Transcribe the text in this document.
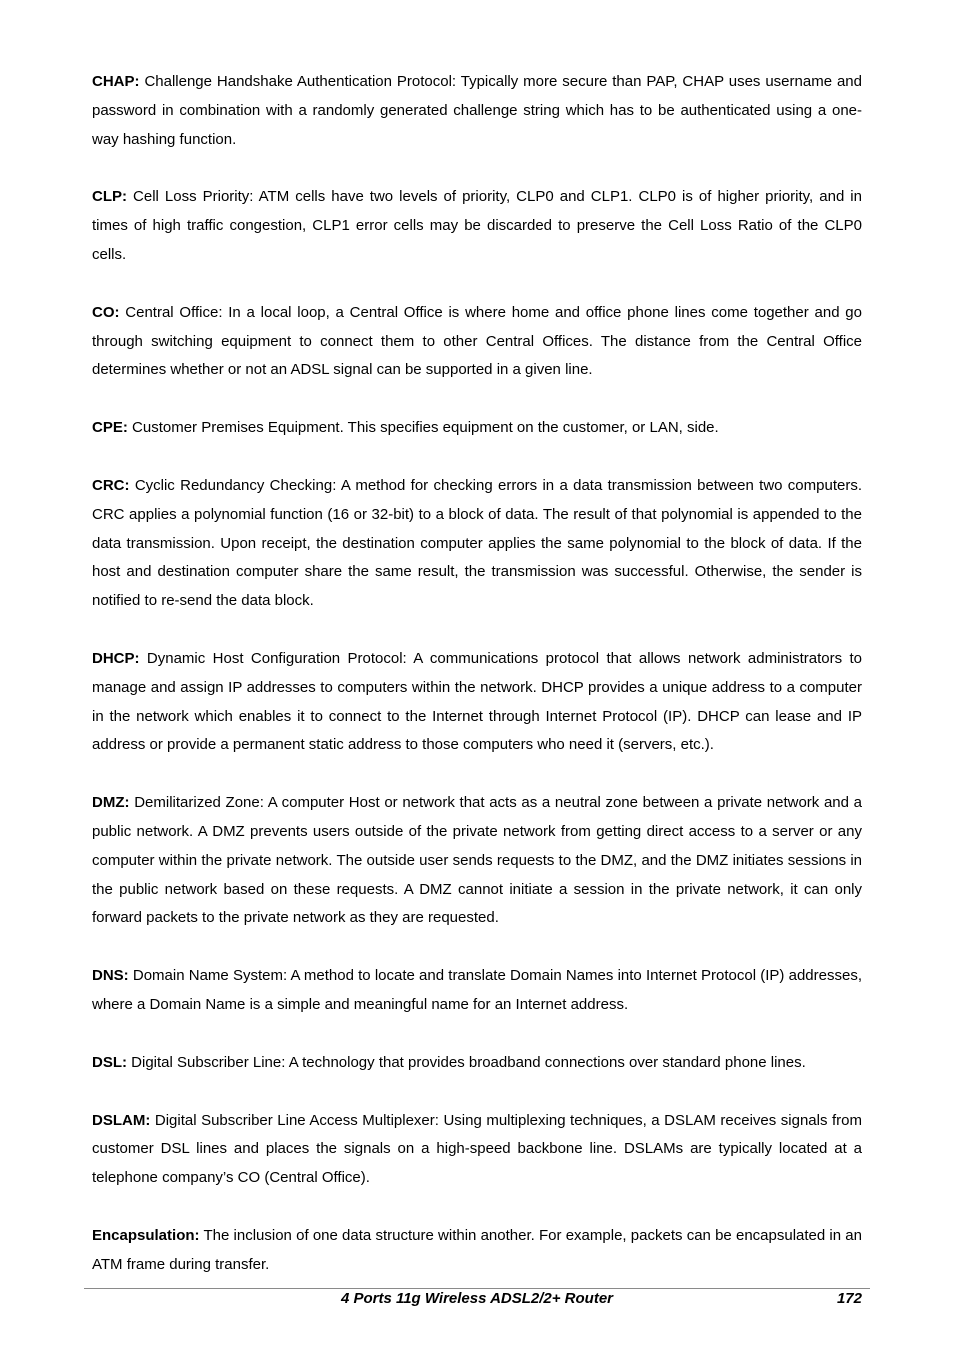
CHAP: Challenge Handshake Authentication Protocol: Typically more secure than PAP, CHAP uses username and password in combination with a randomly generated challenge string which has to be authenticated using a one-way hashing function.

CLP: Cell Loss Priority: ATM cells have two levels of priority, CLP0 and CLP1. CLP0 is of higher priority, and in times of high traffic congestion, CLP1 error cells may be discarded to preserve the Cell Loss Ratio of the CLP0 cells.

CO: Central Office: In a local loop, a Central Office is where home and office phone lines come together and go through switching equipment to connect them to other Central Offices. The distance from the Central Office determines whether or not an ADSL signal can be supported in a given line.

CPE: Customer Premises Equipment. This specifies equipment on the customer, or LAN, side.

CRC: Cyclic Redundancy Checking: A method for checking errors in a data transmission between two computers. CRC applies a polynomial function (16 or 32-bit) to a block of data. The result of that polynomial is appended to the data transmission. Upon receipt, the destination computer applies the same polynomial to the block of data. If the host and destination computer share the same result, the transmission was successful. Otherwise, the sender is notified to re-send the data block.

DHCP: Dynamic Host Configuration Protocol: A communications protocol that allows network administrators to manage and assign IP addresses to computers within the network. DHCP provides a unique address to a computer in the network which enables it to connect to the Internet through Internet Protocol (IP). DHCP can lease and IP address or provide a permanent static address to those computers who need it (servers, etc.).

DMZ: Demilitarized Zone: A computer Host or network that acts as a neutral zone between a private network and a public network. A DMZ prevents users outside of the private network from getting direct access to a server or any computer within the private network. The outside user sends requests to the DMZ, and the DMZ initiates sessions in the public network based on these requests. A DMZ cannot initiate a session in the private network, it can only forward packets to the private network as they are requested.

DNS: Domain Name System: A method to locate and translate Domain Names into Internet Protocol (IP) addresses, where a Domain Name is a simple and meaningful name for an Internet address.

DSL: Digital Subscriber Line: A technology that provides broadband connections over standard phone lines.

DSLAM: Digital Subscriber Line Access Multiplexer: Using multiplexing techniques, a DSLAM receives signals from customer DSL lines and places the signals on a high-speed backbone line. DSLAMs are typically located at a telephone company’s CO (Central Office).

Encapsulation: The inclusion of one data structure within another. For example, packets can be encapsulated in an ATM frame during transfer.

4 Ports 11g Wireless ADSL2/2+ Router	172
